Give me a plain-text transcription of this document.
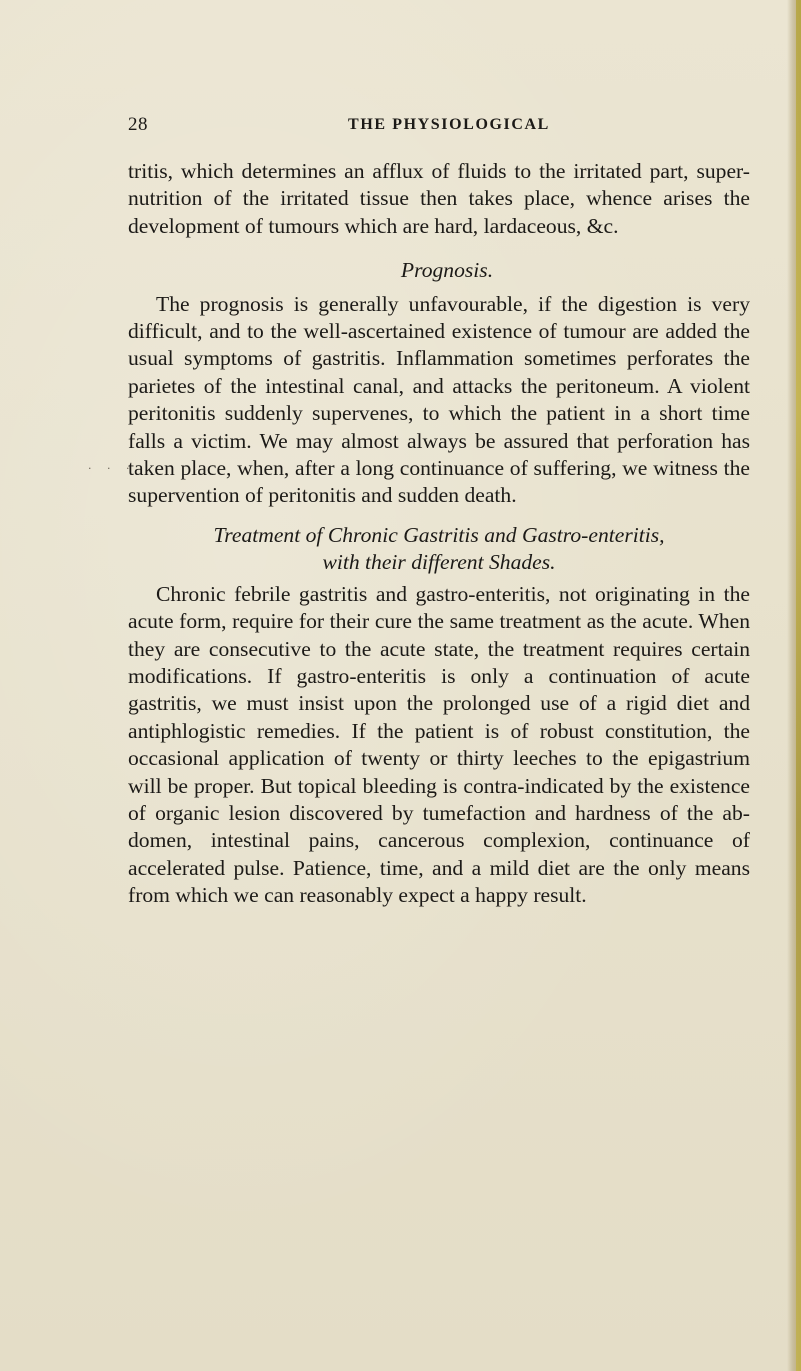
· · ·
28	THE PHYSIOLOGICAL

tritis, which determines an afflux of fluids to the irritated part, super-nutrition of the irritated tissue then takes place, whence arises the development of tumours which are hard, lardaceous, &c.

Prognosis.

The prognosis is generally unfavourable, if the digestion is very difficult, and to the well-ascertained existence of tumour are added the usual symptoms of gastritis. Inflammation sometimes perforates the parietes of the intestinal canal, and attacks the peritoneum. A violent peritonitis suddenly supervenes, to which the patient in a short time falls a victim. We may almost always be assured that perforation has taken place, when, after a long continuance of suffering, we witness the supervention of peritonitis and sudden death.

Treatment of Chronic Gastritis and Gastro-enteritis,
with their different Shades.

Chronic febrile gastritis and gastro-enteritis, not originating in the acute form, require for their cure the same treatment as the acute. When they are consecutive to the acute state, the treatment requires certain modifications. If gastro-enteritis is only a continuation of acute gastritis, we must insist upon the prolonged use of a rigid diet and antiphlogistic remedies. If the patient is of robust constitution, the occasional application of twenty or thirty leeches to the epigastrium will be proper. But topical bleeding is contra-indicated by the existence of organic lesion discovered by tumefaction and hardness of the abdomen, intestinal pains, cancerous complexion, continuance of accelerated pulse. Patience, time, and a mild diet are the only means from which we can reasonably expect a happy result.
